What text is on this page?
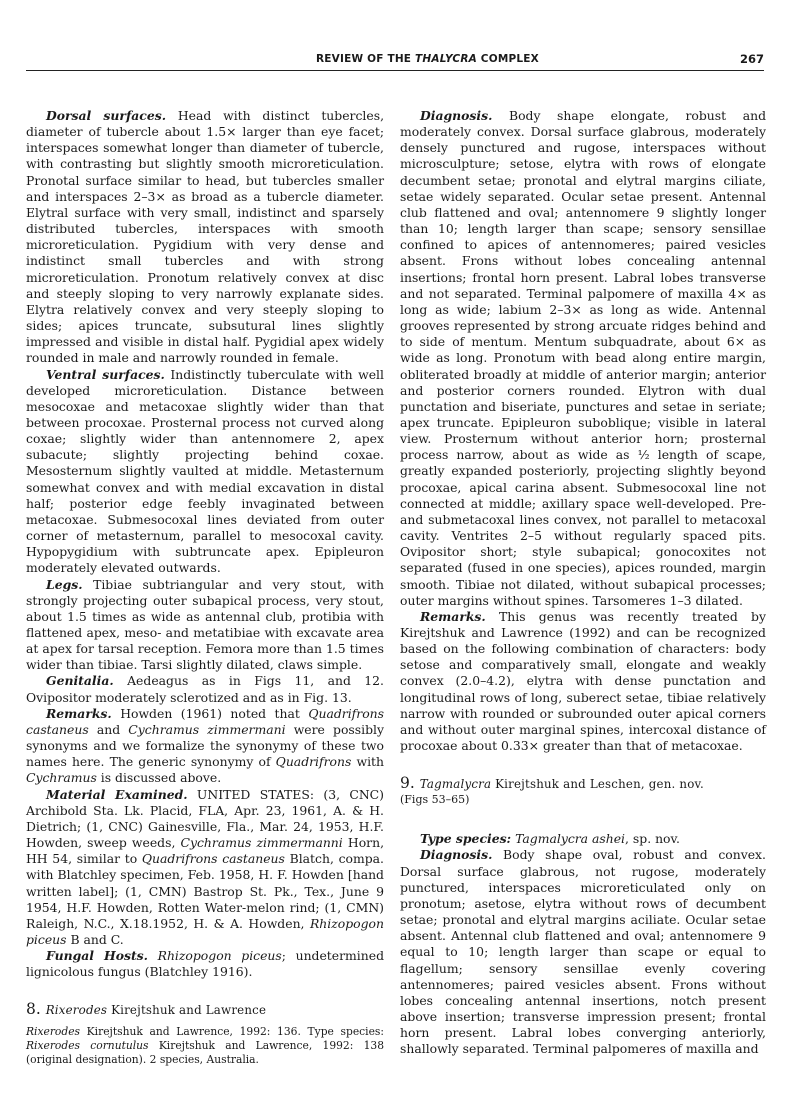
REVIEW OF THE THALYCRA COMPLEX	267

Dorsal surfaces. Head with distinct tubercles, diameter of tubercle about 1.5× larger than eye facet; interspaces somewhat longer than diameter of tubercle, with contrasting but slightly smooth microreticulation. Pronotal surface similar to head, but tubercles smaller and interspaces 2–3× as broad as a tubercle diameter. Elytral surface with very small, indistinct and sparsely distributed tubercles, interspaces with smooth microreticulation. Pygidium with very dense and indistinct small tubercles and with strong microreticulation. Pronotum relatively convex at disc and steeply sloping to very narrowly explanate sides. Elytra relatively convex and very steeply sloping to sides; apices truncate, subsutural lines slightly impressed and visible in distal half. Pygidial apex widely rounded in male and narrowly rounded in female.

Ventral surfaces. Indistinctly tuberculate with well developed microreticulation. Distance between mesocoxae and metacoxae slightly wider than that between procoxae. Prosternal process not curved along coxae; slightly wider than antennomere 2, apex subacute; slightly projecting behind coxae. Mesosternum slightly vaulted at middle. Metasternum somewhat convex and with medial excavation in distal half; posterior edge feebly invaginated between metacoxae. Submesocoxal lines deviated from outer corner of metasternum, parallel to mesocoxal cavity. Hypopygidium with subtruncate apex. Epipleuron moderately elevated outwards.

Legs. Tibiae subtriangular and very stout, with strongly projecting outer subapical process, very stout, about 1.5 times as wide as antennal club, protibia with flattened apex, meso- and metatibiae with excavate area at apex for tarsal reception. Femora more than 1.5 times wider than tibiae. Tarsi slightly dilated, claws simple.

Genitalia. Aedeagus as in Figs 11, and 12. Ovipositor moderately sclerotized and as in Fig. 13.

Remarks. Howden (1961) noted that Quadrifrons castaneus and Cychramus zimmermani were possibly synonyms and we formalize the synonymy of these two names here. The generic synonymy of Quadrifrons with Cychramus is discussed above.

Material Examined. UNITED STATES: (3, CNC) Archibold Sta. Lk. Placid, FLA, Apr. 23, 1961, A. & H. Dietrich; (1, CNC) Gainesville, Fla., Mar. 24, 1953, H.F. Howden, sweep weeds, Cychramus zimmermanni Horn, HH 54, similar to Quadrifrons castaneus Blatch, compa. with Blatchley specimen, Feb. 1958, H. F. Howden [hand written label]; (1, CMN) Bastrop St. Pk., Tex., June 9 1954, H.F. Howden, Rotten Water-melon rind; (1, CMN) Raleigh, N.C., X.18.1952, H. & A. Howden, Rhizopogon piceus B and C.

Fungal Hosts. Rhizopogon piceus; undetermined lignicolous fungus (Blatchley 1916).

8. Rixerodes Kirejtshuk and Lawrence

Rixerodes Kirejtshuk and Lawrence, 1992: 136. Type species: Rixerodes cornutulus Kirejtshuk and Lawrence, 1992: 138 (original designation). 2 species, Australia.

Diagnosis. Body shape elongate, robust and moderately convex. Dorsal surface glabrous, moderately densely punctured and rugose, interspaces without microsculpture; setose, elytra with rows of elongate decumbent setae; pronotal and elytral margins ciliate, setae widely separated. Ocular setae present. Antennal club flattened and oval; antennomere 9 slightly longer than 10; length larger than scape; sensory sensillae confined to apices of antennomeres; paired vesicles absent. Frons without lobes concealing antennal insertions; frontal horn present. Labral lobes transverse and not separated. Terminal palpomere of maxilla 4× as long as wide; labium 2–3× as long as wide. Antennal grooves represented by strong arcuate ridges behind and to side of mentum. Mentum subquadrate, about 6× as wide as long. Pronotum with bead along entire margin, obliterated broadly at middle of anterior margin; anterior and posterior corners rounded. Elytron with dual punctation and biseriate, punctures and setae in seriate; apex truncate. Epipleuron suboblique; visible in lateral view. Prosternum without anterior horn; prosternal process narrow, about as wide as ½ length of scape, greatly expanded posteriorly, projecting slightly beyond procoxae, apical carina absent. Submesocoxal line not connected at middle; axillary space well-developed. Pre- and submetacoxal lines convex, not parallel to metacoxal cavity. Ventrites 2–5 without regularly spaced pits. Ovipositor short; style subapical; gonocoxites not separated (fused in one species), apices rounded, margin smooth. Tibiae not dilated, without subapical processes; outer margins without spines. Tarsomeres 1–3 dilated.

Remarks. This genus was recently treated by Kirejtshuk and Lawrence (1992) and can be recognized based on the following combination of characters: body setose and comparatively small, elongate and weakly convex (2.0–4.2), elytra with dense punctation and longitudinal rows of long, suberect setae, tibiae relatively narrow with rounded or subrounded outer apical corners and without outer marginal spines, intercoxal distance of procoxae about 0.33× greater than that of metacoxae.

9. Tagmalycra Kirejtshuk and Leschen, gen. nov.
(Figs 53–65)

Type species: Tagmalycra ashei, sp. nov.

Diagnosis. Body shape oval, robust and convex. Dorsal surface glabrous, not rugose, moderately punctured, interspaces microreticulated only on pronotum; asetose, elytra without rows of decumbent setae; pronotal and elytral margins aciliate. Ocular setae absent. Antennal club flattened and oval; antennomere 9 equal to 10; length larger than scape or equal to flagellum; sensory sensillae evenly covering antennomeres; paired vesicles absent. Frons without lobes concealing antennal insertions, notch present above insertion; transverse impression present; frontal horn present. Labral lobes converging anteriorly, shallowly separated. Terminal palpomeres of maxilla and
